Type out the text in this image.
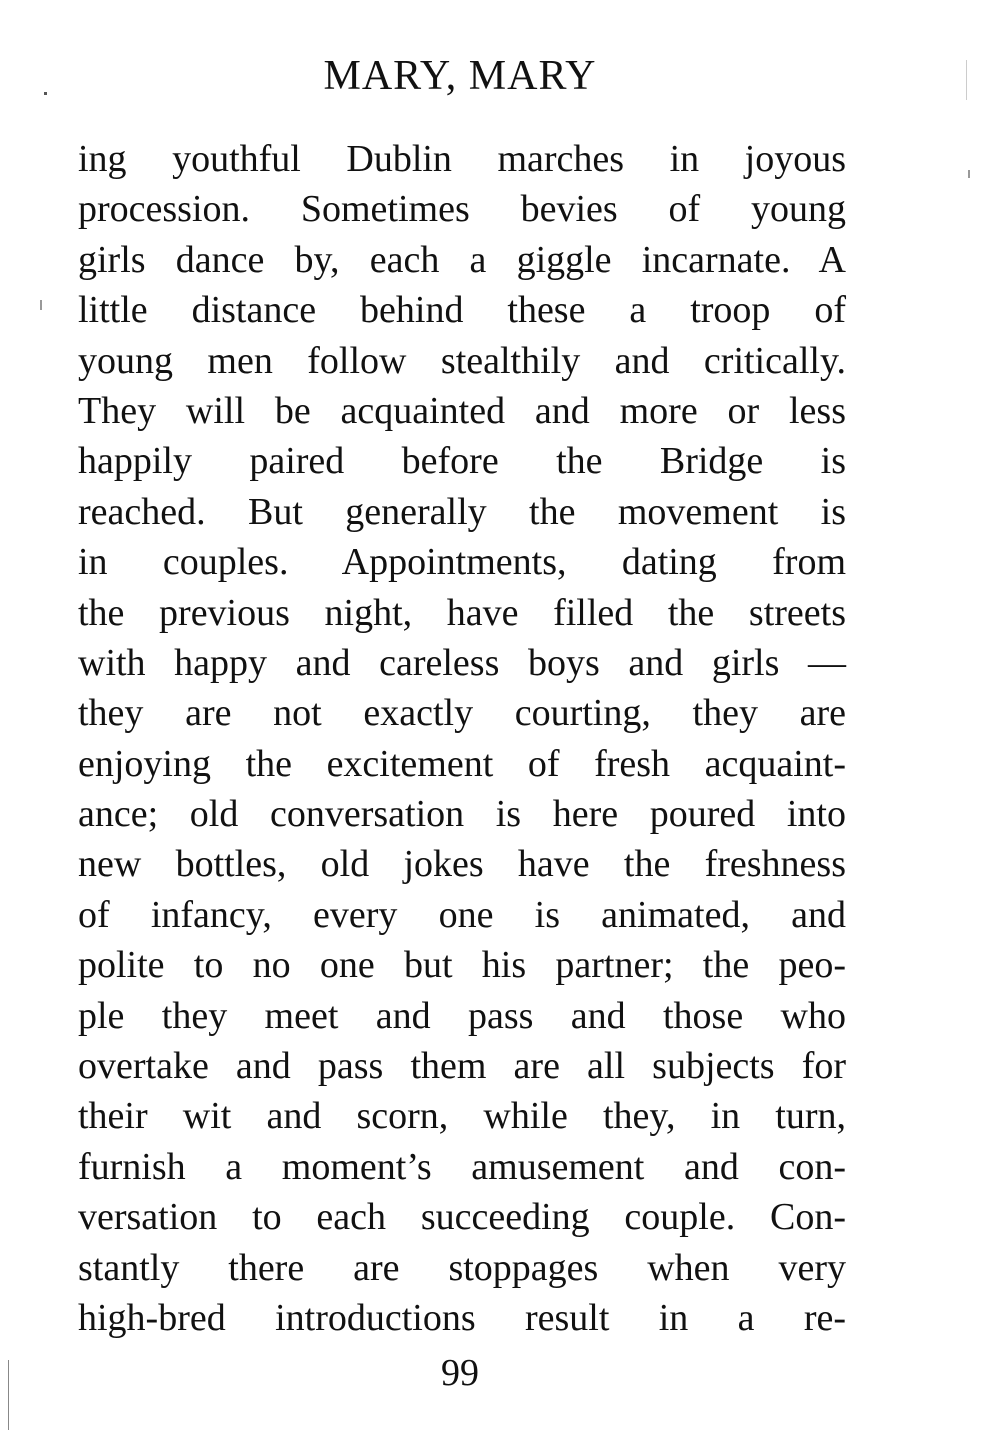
MARY, MARY
ing youthful Dublin marches in joyous
procession. Sometimes bevies of young
girls dance by, each a giggle incarnate. A
little distance behind these a troop of
young men follow stealthily and critically.
They will be acquainted and more or less
happily paired before the Bridge is
reached. But generally the movement is
in couples. Appointments, dating from
the previous night, have filled the streets
with happy and careless boys and girls —
they are not exactly courting, they are
enjoying the excitement of fresh acquaint-
ance; old conversation is here poured into
new bottles, old jokes have the freshness
of infancy, every one is animated, and
polite to no one but his partner; the peo-
ple they meet and pass and those who
overtake and pass them are all subjects for
their wit and scorn, while they, in turn,
furnish a moment’s amusement and con-
versation to each succeeding couple. Con-
stantly there are stoppages when very
high-bred introductions result in a re-
99
